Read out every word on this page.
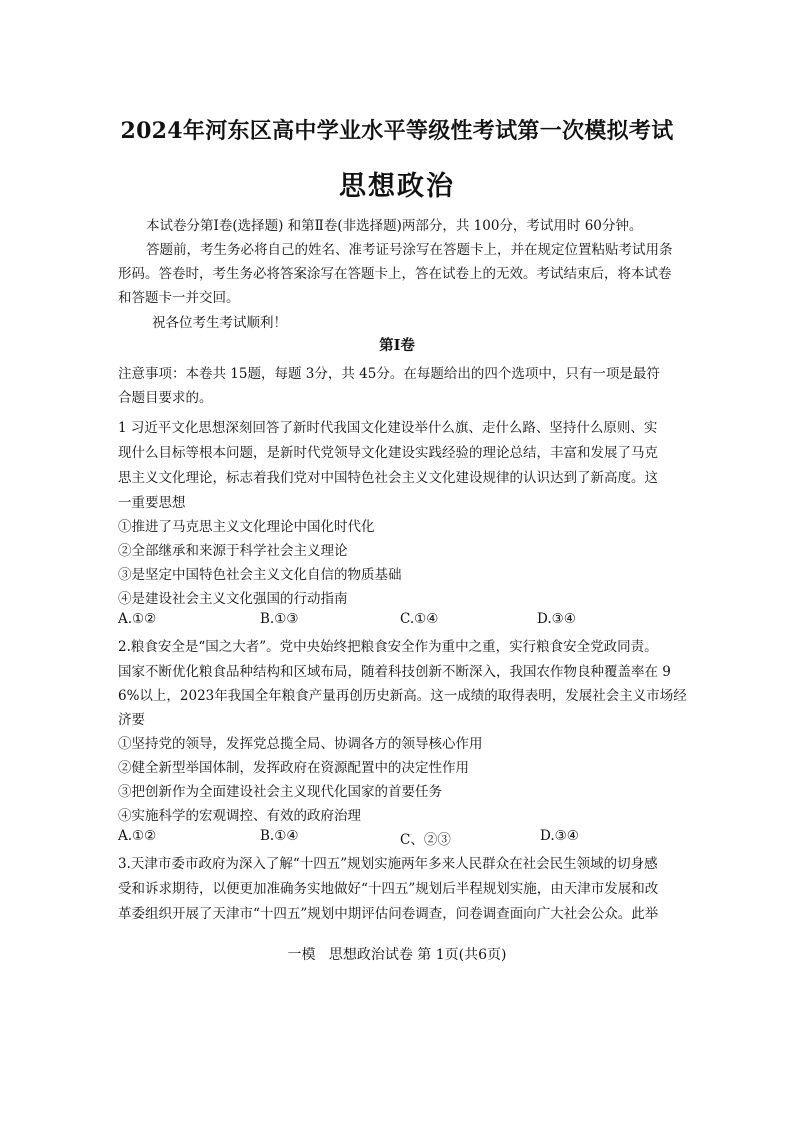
2024年河东区高中学业水平等级性考试第一次模拟考试
思想政治
本试卷分第Ⅰ卷(选择题) 和第Ⅱ卷(非选择题)两部分，共 100分，考试用时 60分钟。
答题前，考生务必将自己的姓名、准考证号涂写在答题卡上，并在规定位置粘贴考试用条
形码。答卷时，考生务必将答案涂写在答题卡上，答在试卷上的无效。考试结束后，将本试卷
和答题卡一并交回。
祝各位考生考试顺利！
第Ⅰ卷
注意事项：本卷共 15题，每题 3分，共 45分。在每题给出的四个选项中，只有一项是最符
合题目要求的。
1 习近平文化思想深刻回答了新时代我国文化建设举什么旗、走什么路、坚持什么原则、实
现什么目标等根本问题，是新时代党领导文化建设实践经验的理论总结，丰富和发展了马克
思主义文化理论，标志着我们党对中国特色社会主义文化建设规律的认识达到了新高度。这
一重要思想
①推进了马克思主义文化理论中国化时代化
②全部继承和来源于科学社会主义理论
③是坚定中国特色社会主义文化自信的物质基础
④是建设社会主义文化强国的行动指南
A.①②	B.①③	C.①④	D.③④
2.粮食安全是“国之大者”。党中央始终把粮食安全作为重中之重，实行粮食安全党政同责。
国家不断优化粮食品种结构和区域布局，随着科技创新不断深入，我国农作物良种覆盖率在 9
6%以上，2023年我国全年粮食产量再创历史新高。这一成绩的取得表明，发展社会主义市场经
济要
①坚持党的领导，发挥党总揽全局、协调各方的领导核心作用
②健全新型举国体制，发挥政府在资源配置中的决定性作用
③把创新作为全面建设社会主义现代化国家的首要任务
④实施科学的宏观调控、有效的政府治理
A.①②	B.①④	C、②③	D.③④
3.天津市委市政府为深入了解“十四五”规划实施两年多来人民群众在社会民生领域的切身感
受和诉求期待，以便更加准确务实地做好“十四五”规划后半程规划实施，由天津市发展和改
革委组织开展了天津市“十四五”规划中期评估问卷调查，问卷调查面向广大社会公众。此举
一模 思想政治试卷 第 1页(共6页)
